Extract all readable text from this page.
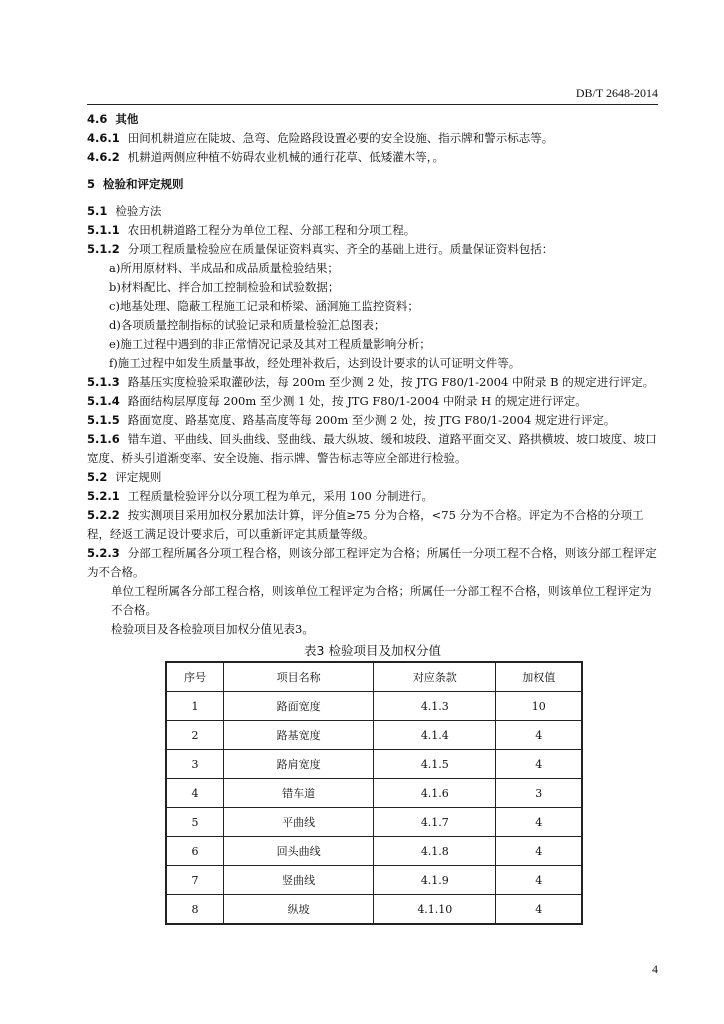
DB/T 2648-2014
4.6 其他
4.6.1 田间机耕道应在陡坡、急弯、危险路段设置必要的安全设施、指示牌和警示标志等。
4.6.2 机耕道两侧应种植不妨碍农业机械的通行花草、低矮灌木等，。
5 检验和评定规则
5.1 检验方法
5.1.1 农田机耕道路工程分为单位工程、分部工程和分项工程。
5.1.2 分项工程质量检验应在质量保证资料真实、齐全的基础上进行。质量保证资料包括：
a)所用原材料、半成品和成品质量检验结果；
b)材料配比、拌合加工控制检验和试验数据；
c)地基处理、隐蔽工程施工记录和桥梁、涵洞施工监控资料；
d)各项质量控制指标的试验记录和质量检验汇总图表；
e)施工过程中遇到的非正常情况记录及其对工程质量影响分析；
f)施工过程中如发生质量事故，经处理补救后，达到设计要求的认可证明文件等。
5.1.3 路基压实度检验采取灌砂法，每 200m 至少测 2 处，按 JTG F80/1-2004 中附录 B 的规定进行评定。
5.1.4 路面结构层厚度每 200m 至少测 1 处，按 JTG F80/1-2004 中附录 H 的规定进行评定。
5.1.5 路面宽度、路基宽度、路基高度等每 200m 至少测 2 处，按 JTG F80/1-2004 规定进行评定。
5.1.6 错车道、平曲线、回头曲线、竖曲线、最大纵坡、缓和坡段、道路平面交叉、路拱横坡、坡口坡度、坡口宽度、桥头引道渐变率、安全设施、指示牌、警告标志等应全部进行检验。
5.2 评定规则
5.2.1 工程质量检验评分以分项工程为单元，采用 100 分制进行。
5.2.2 按实测项目采用加权分累加法计算，评分值≥75 分为合格，<75 分为不合格。评定为不合格的分项工程，经返工满足设计要求后，可以重新评定其质量等级。
5.2.3 分部工程所属各分项工程合格，则该分部工程评定为合格；所属任一分项工程不合格，则该分部工程评定为不合格。
单位工程所属各分部工程合格，则该单位工程评定为合格；所属任一分部工程不合格，则该单位工程评定为不合格。
检验项目及各检验项目加权分值见表3。
表3 检验项目及加权分值
序号	项目名称	对应条款	加权值
1	路面宽度	4.1.3	10
2	路基宽度	4.1.4	4
3	路肩宽度	4.1.5	4
4	错车道	4.1.6	3
5	平曲线	4.1.7	4
6	回头曲线	4.1.8	4
7	竖曲线	4.1.9	4
8	纵坡	4.1.10	4
4
